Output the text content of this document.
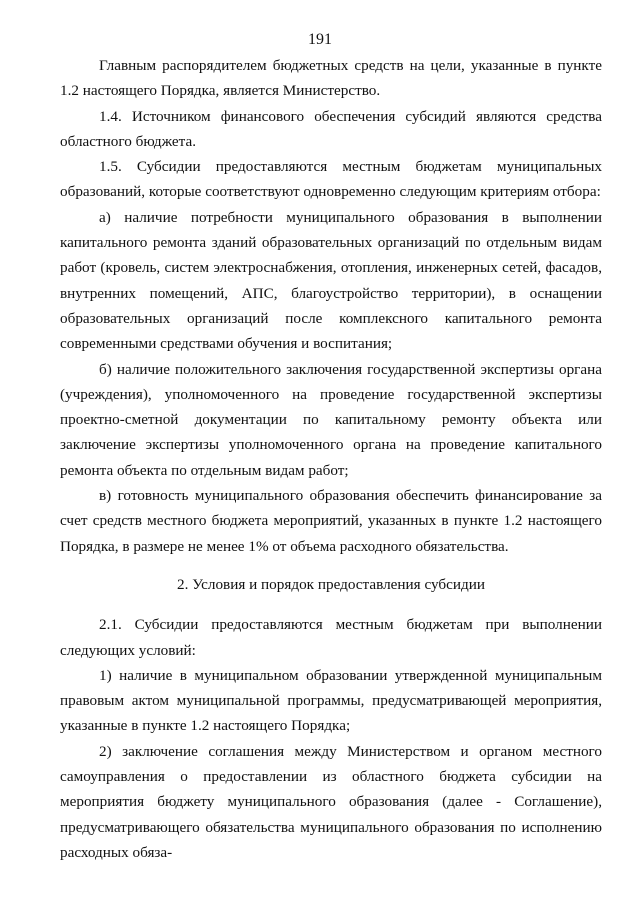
191

Главным распорядителем бюджетных средств на цели, указанные в пункте 1.2 настоящего Порядка, является Министерство.

1.4. Источником финансового обеспечения субсидий являются средства областного бюджета.

1.5. Субсидии предоставляются местным бюджетам муниципальных образований, которые соответствуют одновременно следующим критериям отбора:

а) наличие потребности муниципального образования в выполнении капитального ремонта зданий образовательных организаций по отдельным видам работ (кровель, систем электроснабжения, отопления, инженерных сетей, фасадов, внутренних помещений, АПС, благоустройство территории), в оснащении образовательных организаций после комплексного капитального ремонта современными средствами обучения и воспитания;

б) наличие положительного заключения государственной экспертизы органа (учреждения), уполномоченного на проведение государственной экспертизы проектно-сметной документации по капитальному ремонту объекта или заключение экспертизы уполномоченного органа на проведение капитального ремонта объекта по отдельным видам работ;

в) готовность муниципального образования обеспечить финансирование за счет средств местного бюджета мероприятий, указанных в пункте 1.2 настоящего Порядка, в размере не менее 1% от объема расходного обязательства.

2. Условия и порядок предоставления субсидии

2.1. Субсидии предоставляются местным бюджетам при выполнении следующих условий:

1) наличие в муниципальном образовании утвержденной муниципальным правовым актом муниципальной программы, предусматривающей мероприятия, указанные в пункте 1.2 настоящего Порядка;

2) заключение соглашения между Министерством и органом местного самоуправления о предоставлении из областного бюджета субсидии на мероприятия бюджету муниципального образования (далее - Соглашение), предусматривающего обязательства муниципального образования по исполнению расходных обяза-
